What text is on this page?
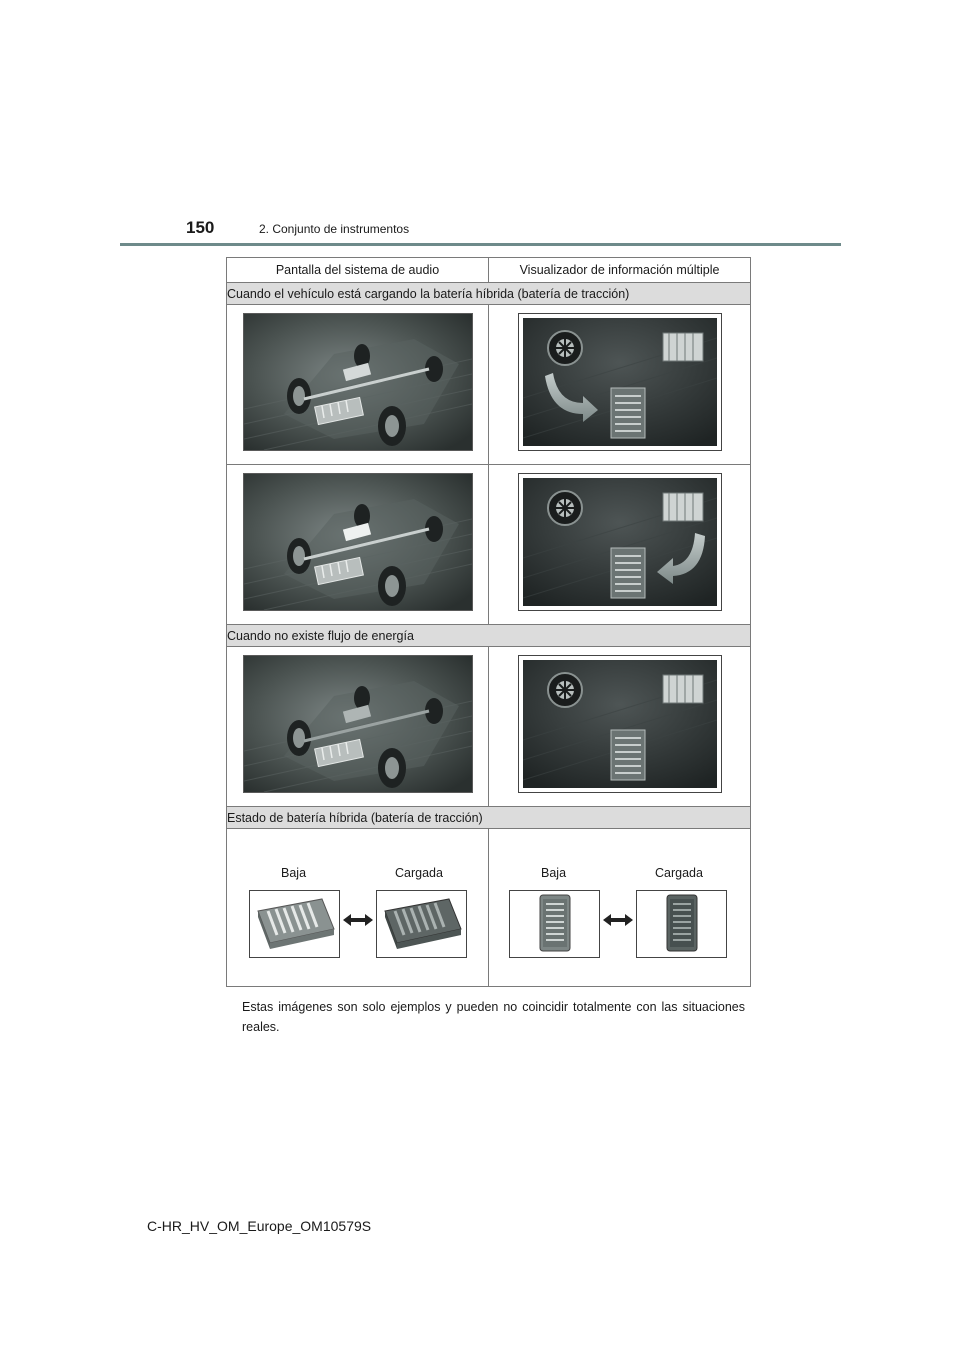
150	2. Conjunto de instrumentos
Pantalla del sistema de audio	Visualizador de información múltiple
Cuando el vehículo está cargando la batería híbrida (batería de tracción)	

Cuando no existe flujo de energía	

Estado de batería híbrida (batería de tracción)	

Baja Cargada	Baja Cargada
Estas imágenes son solo ejemplos y pueden no coincidir totalmente con las situaciones reales.
C-HR_HV_OM_Europe_OM10579S
